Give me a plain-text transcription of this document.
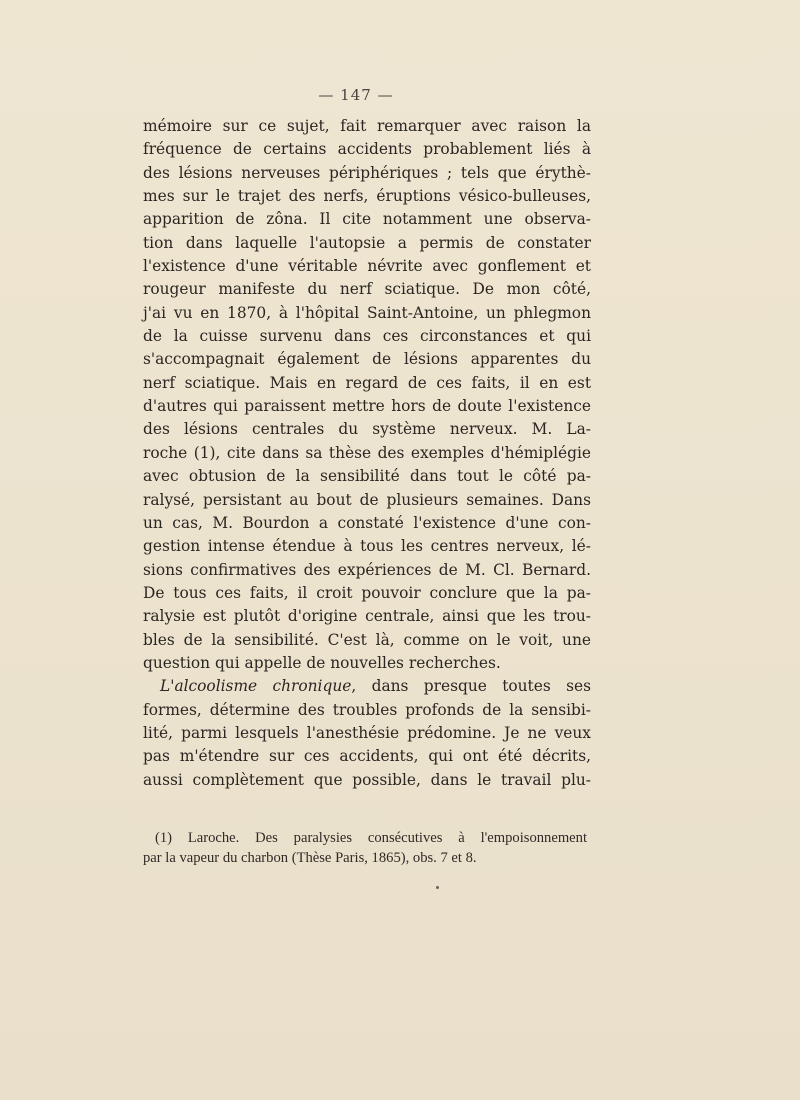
— 147 —
mémoire sur ce sujet, fait remarquer avec raison la
fréquence de certains accidents probablement liés à
des lésions nerveuses périphériques ; tels que érythè-
mes sur le trajet des nerfs, éruptions vésico-bulleuses,
apparition de zôna. Il cite notamment une observa-
tion dans laquelle l'autopsie a permis de constater
l'existence d'une véritable névrite avec gonflement et
rougeur manifeste du nerf sciatique. De mon côté,
j'ai vu en 1870, à l'hôpital Saint-Antoine, un phlegmon
de la cuisse survenu dans ces circonstances et qui
s'accompagnait également de lésions apparentes du
nerf sciatique. Mais en regard de ces faits, il en est
d'autres qui paraissent mettre hors de doute l'existence
des lésions centrales du système nerveux. M. La-
roche (1), cite dans sa thèse des exemples d'hémiplégie
avec obtusion de la sensibilité dans tout le côté pa-
ralysé, persistant au bout de plusieurs semaines. Dans
un cas, M. Bourdon a constaté l'existence d'une con-
gestion intense étendue à tous les centres nerveux, lé-
sions confirmatives des expériences de M. Cl. Bernard.
De tous ces faits, il croit pouvoir conclure que la pa-
ralysie est plutôt d'origine centrale, ainsi que les trou-
bles de la sensibilité. C'est là, comme on le voit, une
question qui appelle de nouvelles recherches.
L'alcoolisme chronique, dans presque toutes ses
formes, détermine des troubles profonds de la sensibi-
lité, parmi lesquels l'anesthésie prédomine. Je ne veux
pas m'étendre sur ces accidents, qui ont été décrits,
aussi complètement que possible, dans le travail plu-
(1) Laroche. Des paralysies consécutives à l'empoisonnement
par la vapeur du charbon (Thèse Paris, 1865), obs. 7 et 8.
